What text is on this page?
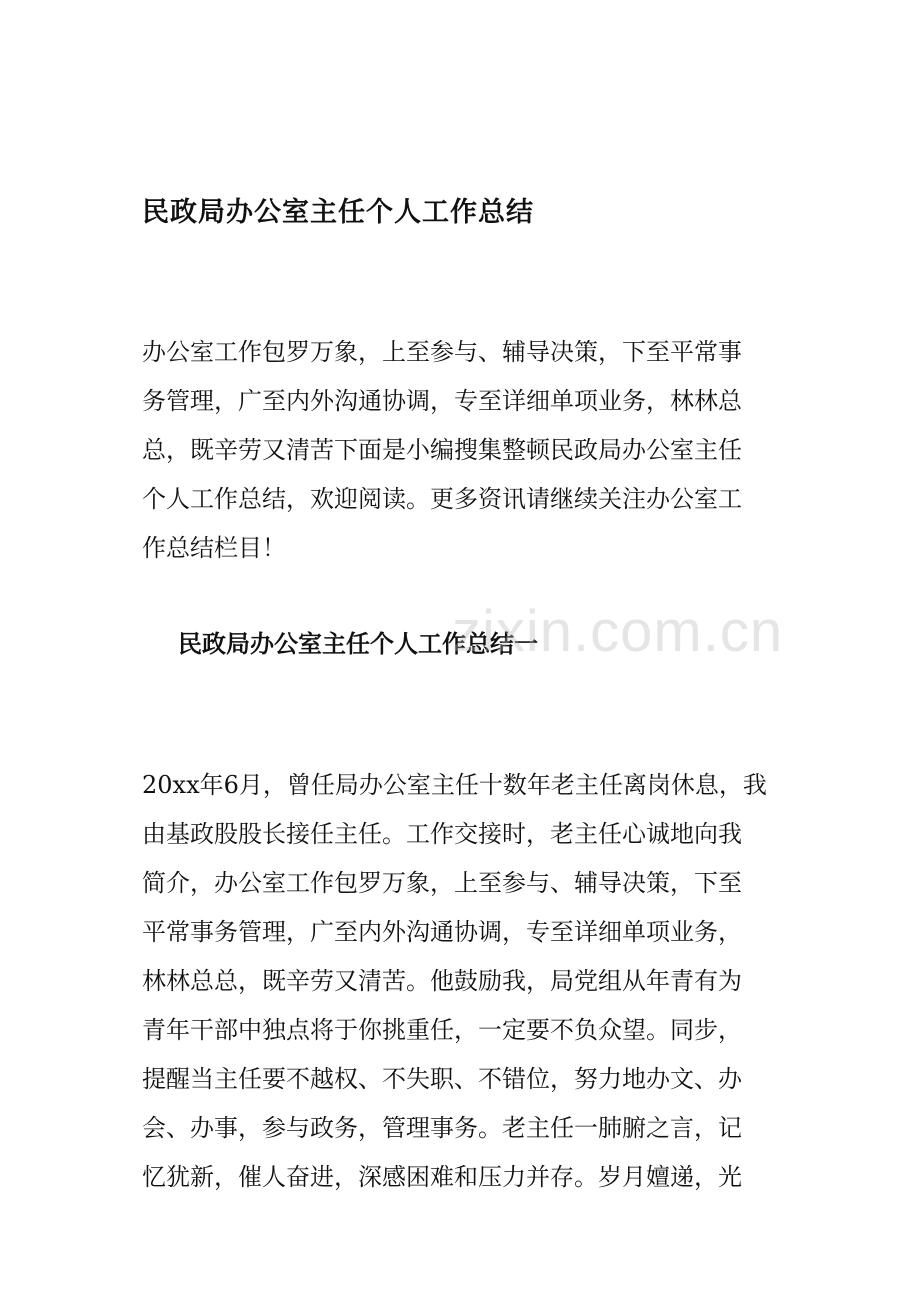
民政局办公室主任个人工作总结

办公室工作包罗万象，上至参与、辅导决策，下至平常事
务管理，广至内外沟通协调，专至详细单项业务，林林总
总，既辛劳又清苦下面是小编搜集整顿民政局办公室主任
个人工作总结，欢迎阅读。更多资讯请继续关注办公室工
作总结栏目！

民政局办公室主任个人工作总结一

20xx年6月，曾任局办公室主任十数年老主任离岗休息，我
由基政股股长接任主任。工作交接时，老主任心诚地向我
简介，办公室工作包罗万象，上至参与、辅导决策，下至
平常事务管理，广至内外沟通协调，专至详细单项业务，
林林总总，既辛劳又清苦。他鼓励我，局党组从年青有为
青年干部中独点将于你挑重任，一定要不负众望。同步，
提醒当主任要不越权、不失职、不错位，努力地办文、办
会、办事，参与政务，管理事务。老主任一肺腑之言，记
忆犹新，催人奋进，深感困难和压力并存。岁月嬗递，光

zixin.com.cn
